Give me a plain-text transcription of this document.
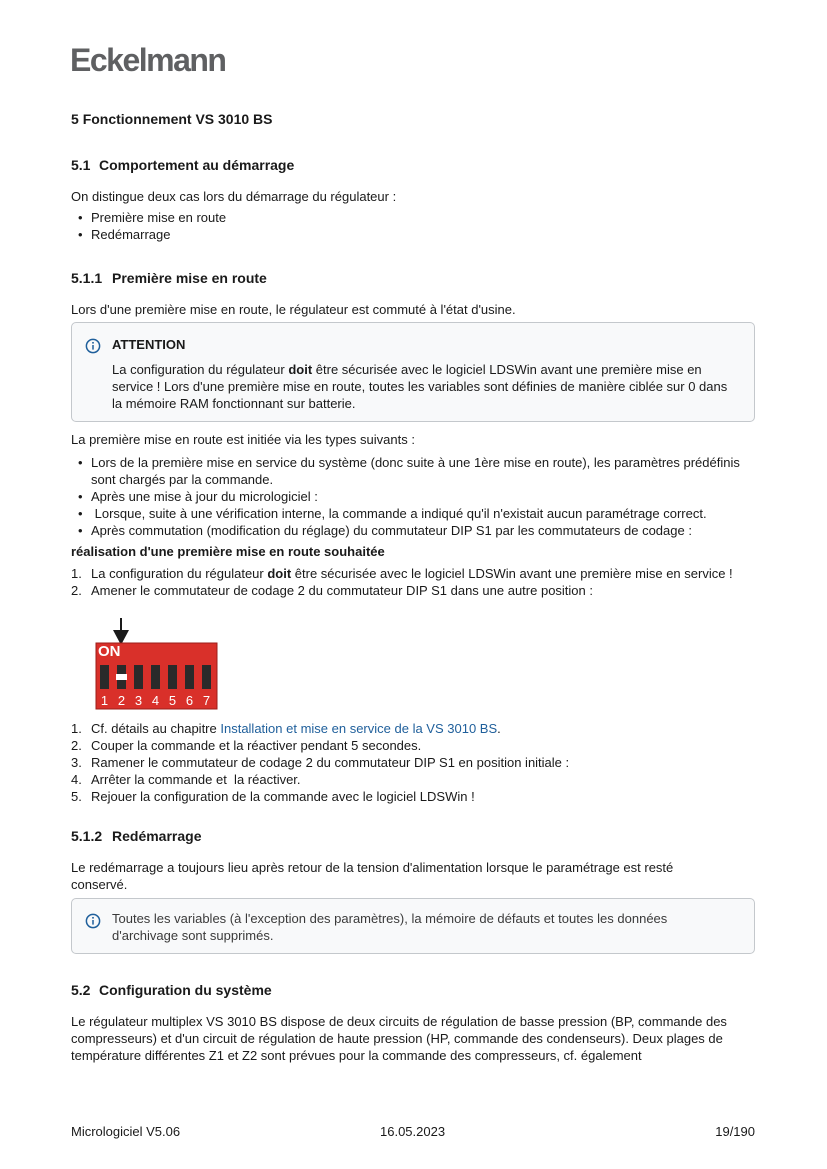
Eckelmann
5 Fonctionnement VS 3010 BS
5.1 Comportement au démarrage
On distingue deux cas lors du démarrage du régulateur :
• Première mise en route
• Redémarrage
5.1.1 Première mise en route
Lors d'une première mise en route, le régulateur est commuté à l'état d'usine.
ATTENTION
La configuration du régulateur doit être sécurisée avec le logiciel LDSWin avant une première mise en service ! Lors d'une première mise en route, toutes les variables sont définies de manière ciblée sur 0 dans la mémoire RAM fonctionnant sur batterie.
La première mise en route est initiée via les types suivants :
• Lors de la première mise en service du système (donc suite à une 1ère mise en route), les paramètres prédéfinis sont chargés par la commande.
• Après une mise à jour du micrologiciel :
•  Lorsque, suite à une vérification interne, la commande a indiqué qu'il n'existait aucun paramétrage correct.
• Après commutation (modification du réglage) du commutateur DIP S1 par les commutateurs de codage :
réalisation d'une première mise en route souhaitée
1. La configuration du régulateur doit être sécurisée avec le logiciel LDSWin avant une première mise en service !
2. Amener le commutateur de codage 2 du commutateur DIP S1 dans une autre position :
1 2 3 4 5 6 7
ON
1. Cf. détails au chapitre Installation et mise en service de la VS 3010 BS.
2. Couper la commande et la réactiver pendant 5 secondes.
3. Ramener le commutateur de codage 2 du commutateur DIP S1 en position initiale :
4. Arrêter la commande et  la réactiver.
5. Rejouer la configuration de la commande avec le logiciel LDSWin !
5.1.2 Redémarrage
Le redémarrage a toujours lieu après retour de la tension d'alimentation lorsque le paramétrage est resté conservé.
Toutes les variables (à l'exception des paramètres), la mémoire de défauts et toutes les données d'archivage sont supprimés.
5.2 Configuration du système
Le régulateur multiplex VS 3010 BS dispose de deux circuits de régulation de basse pression (BP, commande des compresseurs) et d'un circuit de régulation de haute pression (HP, commande des condenseurs). Deux plages de température différentes Z1 et Z2 sont prévues pour la commande des compresseurs, cf. également
Micrologiciel V5.06	16.05.2023	19/190
